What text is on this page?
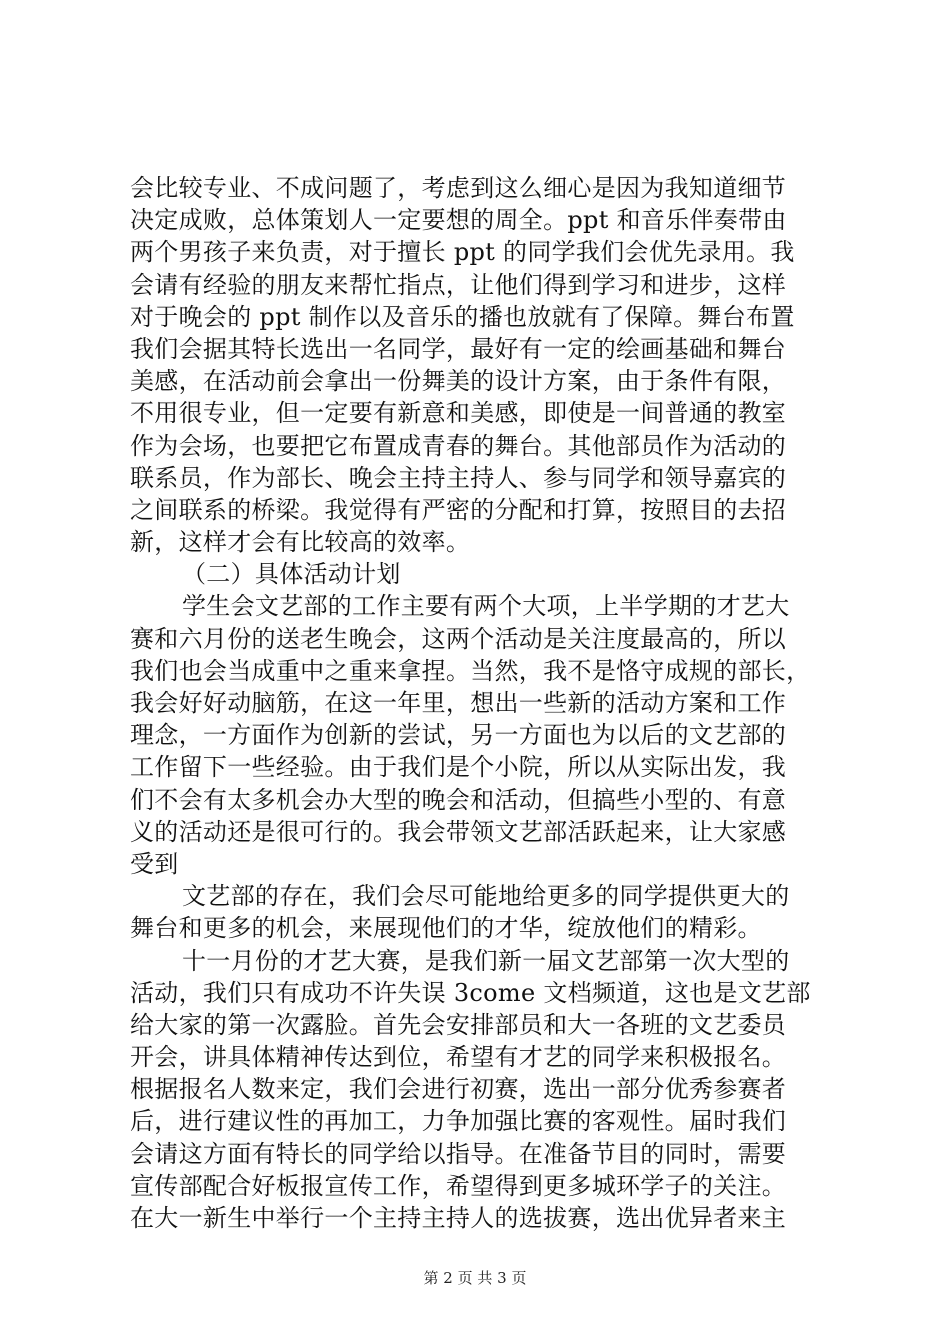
会比较专业、不成问题了，考虑到这么细心是因为我知道细节
决定成败，总体策划人一定要想的周全。ppt 和音乐伴奏带由
两个男孩子来负责，对于擅长 ppt 的同学我们会优先录用。我
会请有经验的朋友来帮忙指点，让他们得到学习和进步，这样
对于晚会的 ppt 制作以及音乐的播也放就有了保障。舞台布置
我们会据其特长选出一名同学，最好有一定的绘画基础和舞台
美感，在活动前会拿出一份舞美的设计方案，由于条件有限，
不用很专业，但一定要有新意和美感，即使是一间普通的教室
作为会场，也要把它布置成青春的舞台。其他部员作为活动的
联系员，作为部长、晚会主持主持人、参与同学和领导嘉宾的
之间联系的桥梁。我觉得有严密的分配和打算，按照目的去招
新，这样才会有比较高的效率。
（二）具体活动计划
学生会文艺部的工作主要有两个大项，上半学期的才艺大
赛和六月份的送老生晚会，这两个活动是关注度最高的，所以
我们也会当成重中之重来拿捏。当然，我不是恪守成规的部长，
我会好好动脑筋，在这一年里，想出一些新的活动方案和工作
理念，一方面作为创新的尝试，另一方面也为以后的文艺部的
工作留下一些经验。由于我们是个小院，所以从实际出发，我
们不会有太多机会办大型的晚会和活动，但搞些小型的、有意
义的活动还是很可行的。我会带领文艺部活跃起来，让大家感
受到
文艺部的存在，我们会尽可能地给更多的同学提供更大的
舞台和更多的机会，来展现他们的才华，绽放他们的精彩。
十一月份的才艺大赛，是我们新一届文艺部第一次大型的
活动，我们只有成功不许失误 3come 文档频道，这也是文艺部
给大家的第一次露脸。首先会安排部员和大一各班的文艺委员
开会，讲具体精神传达到位，希望有才艺的同学来积极报名。
根据报名人数来定，我们会进行初赛，选出一部分优秀参赛者
后，进行建议性的再加工，力争加强比赛的客观性。届时我们
会请这方面有特长的同学给以指导。在准备节目的同时，需要
宣传部配合好板报宣传工作，希望得到更多城环学子的关注。
在大一新生中举行一个主持主持人的选拔赛，选出优异者来主
第 2 页 共 3 页
